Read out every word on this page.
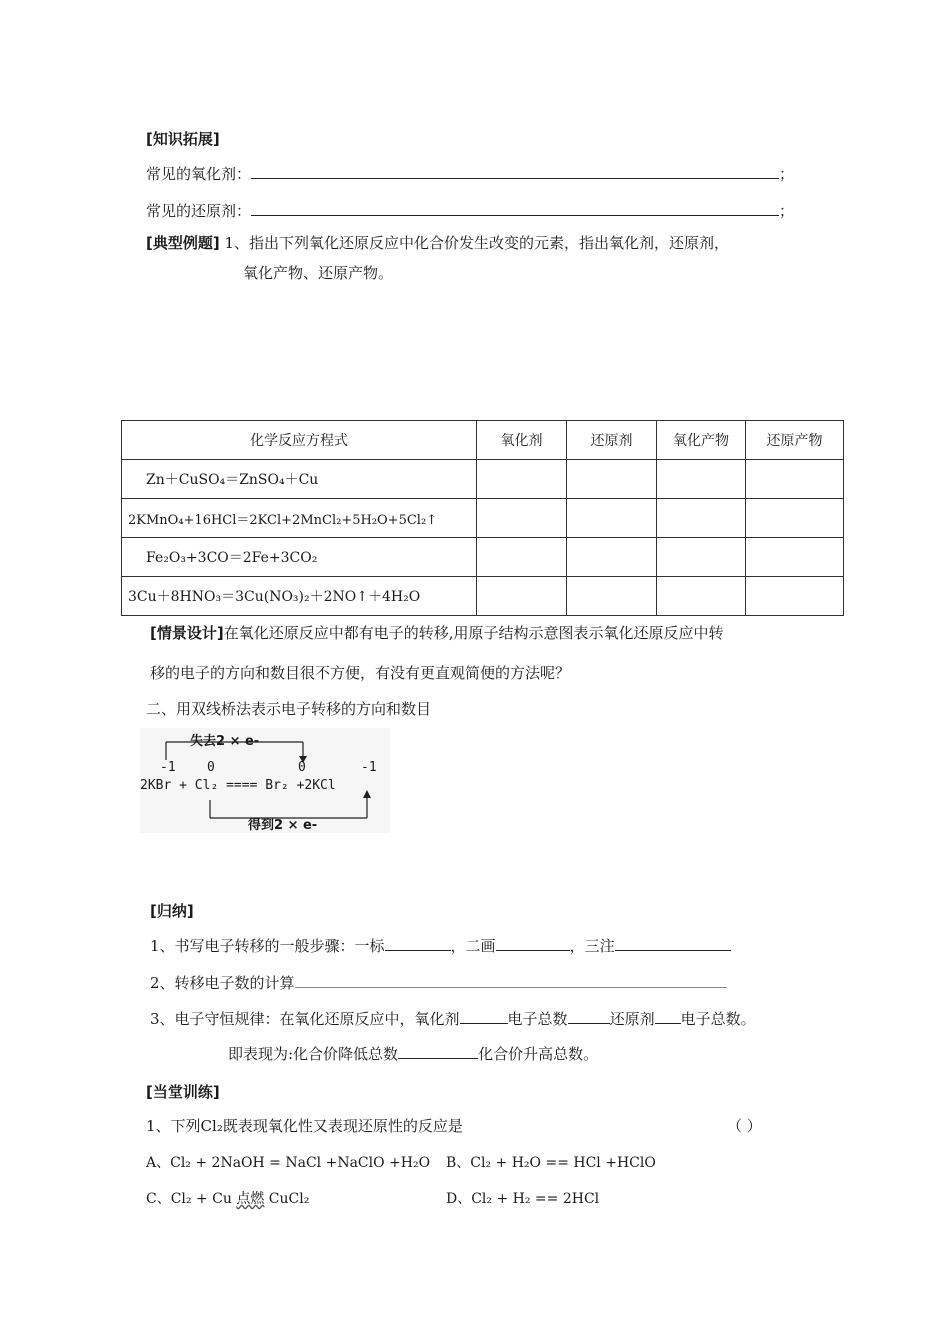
[知识拓展]
常见的氧化剂：	；
常见的还原剂：	；
[典型例题] 1、指出下列氧化还原反应中化合价发生改变的元素，指出氧化剂，还原剂，
氧化产物、还原产物。
化学反应方程式	氧化剂	还原剂	氧化产物	还原产物
Zn＋CuSO₄＝ZnSO₄＋Cu				
2KMnO₄+16HCl＝2KCl+2MnCl₂+5H₂O+5Cl₂↑				
Fe₂O₃+3CO＝2Fe+3CO₂				
3Cu＋8HNO₃＝3Cu(NO₃)₂＋2NO↑＋4H₂O				
[情景设计]在氧化还原反应中都有电子的转移,用原子结构示意图表示氧化还原反应中转
移的电子的方向和数目很不方便，有没有更直观简便的方法呢？
二、用双线桥法表示电子转移的方向和数目
失去2 × e-
-1 0	0	-1
2KBr + Cl₂ ==== Br₂ +2KCl
得到2 × e-
[归纳]
1、书写电子转移的一般步骤：一标	，二画	，三注
2、转移电子数的计算
3、电子守恒规律：在氧化还原反应中，氧化剂	电子总数	还原剂 电子总数。
即表现为:化合价降低总数	化合价升高总数。
[当堂训练]
1、下列Cl₂既表现氧化性又表现还原性的反应是	（ ）
A、Cl₂ + 2NaOH = NaCl +NaClO +H₂O B、Cl₂ + H₂O == HCl +HClO
C、Cl₂ + Cu 点燃 CuCl₂	D、Cl₂ + H₂ == 2HCl
